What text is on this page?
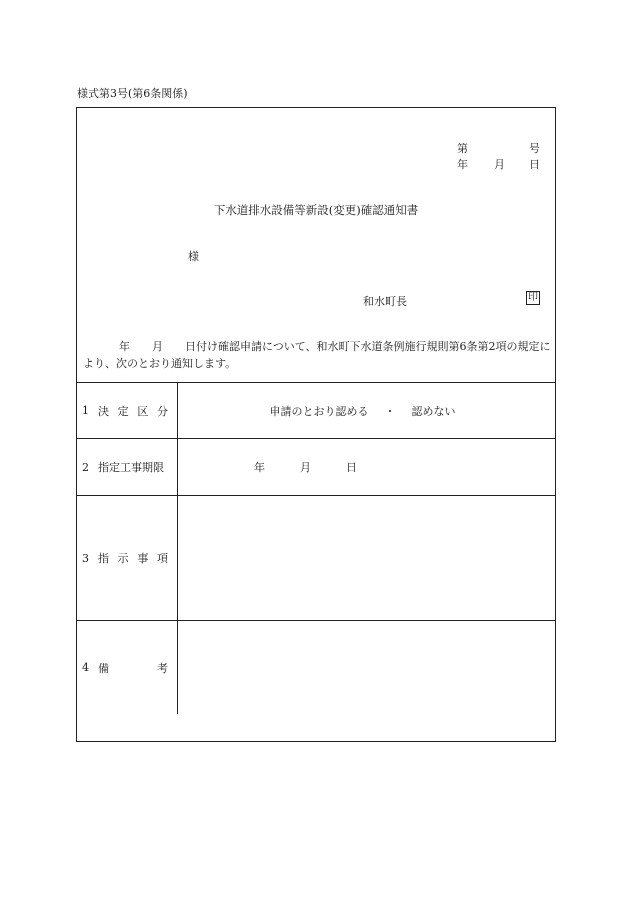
様式第3号(第6条関係)
第	号
年 月 日
下水道排水設備等新設(変更)確認通知書
様
和水町長	印
年 月 日付け確認申請について、和水町下水道条例施行規則第6条第2項の規定により、次のとおり通知します。
1 決 定 区 分	申請のとおり認める ・ 認めない
2 指定工事期限	年	月	日
3 指 示 事 項
4 備	考
